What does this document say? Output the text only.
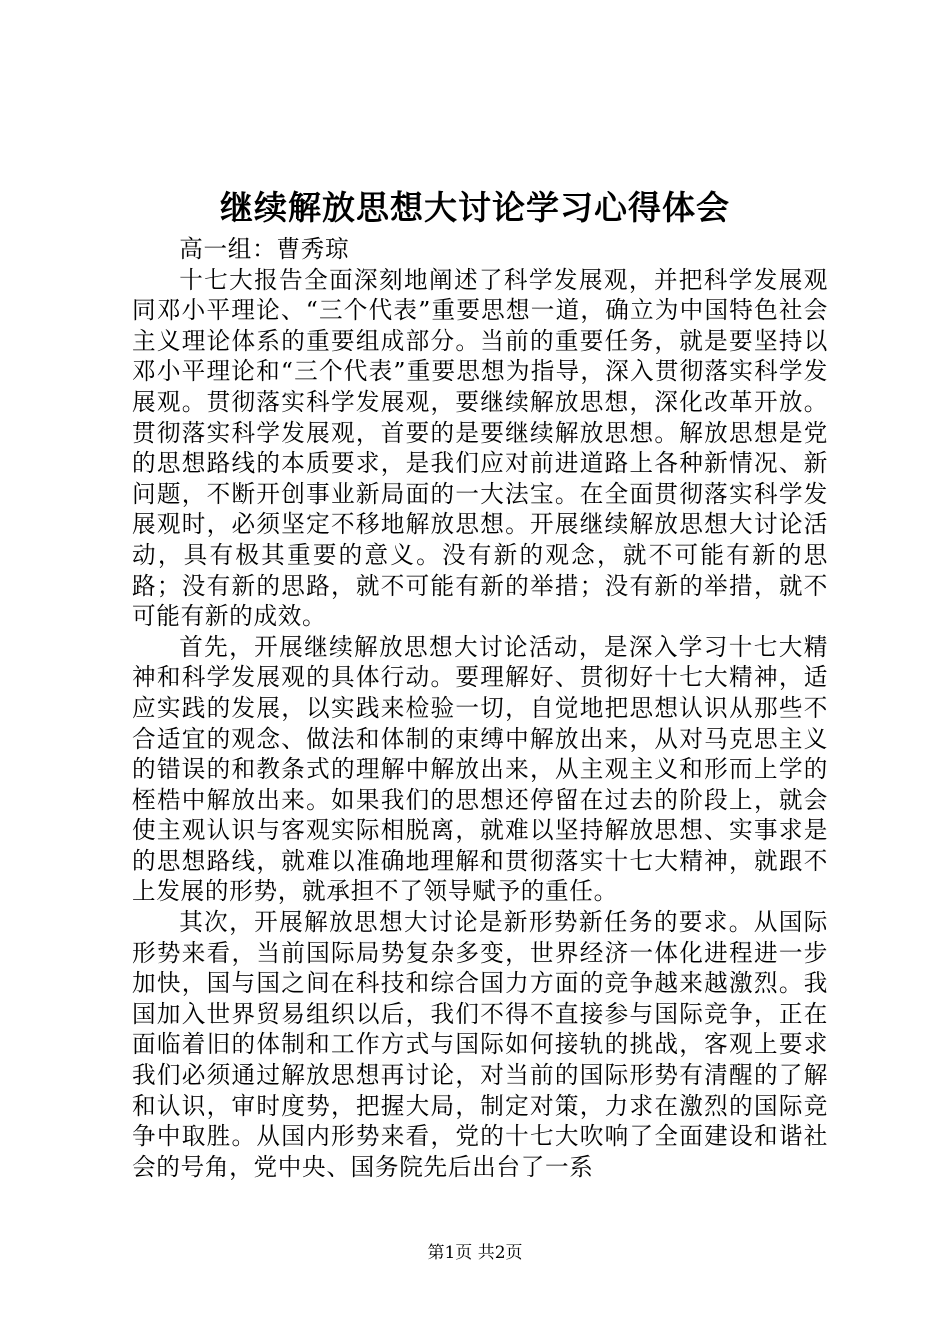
继续解放思想大讨论学习心得体会

高一组：曹秀琼

十七大报告全面深刻地阐述了科学发展观，并把科学发展观同邓小平理论、“三个代表”重要思想一道，确立为中国特色社会主义理论体系的重要组成部分。当前的重要任务，就是要坚持以邓小平理论和“三个代表”重要思想为指导，深入贯彻落实科学发展观。贯彻落实科学发展观，要继续解放思想，深化改革开放。贯彻落实科学发展观，首要的是要继续解放思想。解放思想是党的思想路线的本质要求，是我们应对前进道路上各种新情况、新问题，不断开创事业新局面的一大法宝。在全面贯彻落实科学发展观时，必须坚定不移地解放思想。开展继续解放思想大讨论活动，具有极其重要的意义。没有新的观念，就不可能有新的思路；没有新的思路，就不可能有新的举措；没有新的举措，就不可能有新的成效。

首先，开展继续解放思想大讨论活动，是深入学习十七大精神和科学发展观的具体行动。要理解好、贯彻好十七大精神，适应实践的发展，以实践来检验一切，自觉地把思想认识从那些不合适宜的观念、做法和体制的束缚中解放出来，从对马克思主义的错误的和教条式的理解中解放出来，从主观主义和形而上学的桎梏中解放出来。如果我们的思想还停留在过去的阶段上，就会使主观认识与客观实际相脱离，就难以坚持解放思想、实事求是的思想路线，就难以准确地理解和贯彻落实十七大精神，就跟不上发展的形势，就承担不了领导赋予的重任。

其次，开展解放思想大讨论是新形势新任务的要求。从国际形势来看，当前国际局势复杂多变，世界经济一体化进程进一步加快，国与国之间在科技和综合国力方面的竞争越来越激烈。我国加入世界贸易组织以后，我们不得不直接参与国际竞争，正在面临着旧的体制和工作方式与国际如何接轨的挑战，客观上要求我们必须通过解放思想再讨论，对当前的国际形势有清醒的了解和认识，审时度势，把握大局，制定对策，力求在激烈的国际竞争中取胜。从国内形势来看，党的十七大吹响了全面建设和谐社会的号角，党中央、国务院先后出台了一系

第1页 共2页
